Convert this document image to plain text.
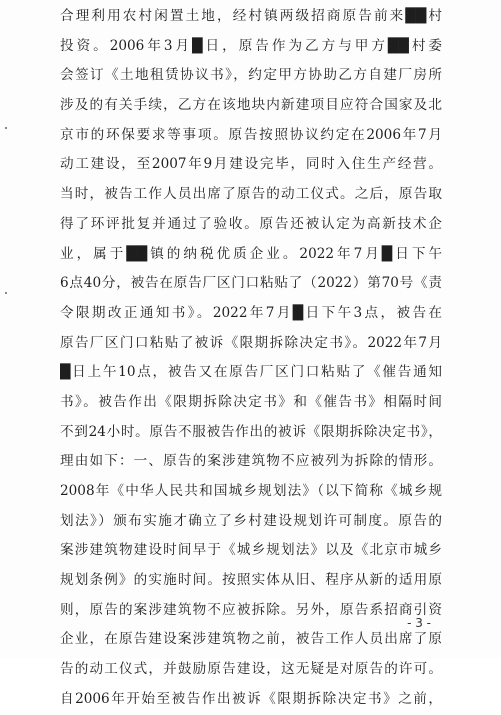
合理利用农村闲置土地，经村镇两级招商原告前来██村
投资。2006年3月█日，原告作为乙方与甲方██村委
会签订《土地租赁协议书》，约定甲方协助乙方自建厂房所
涉及的有关手续，乙方在该地块内新建项目应符合国家及北
京市的环保要求等事项。原告按照协议约定在2006年7月
动工建设，至2007年9月建设完毕，同时入住生产经营。
当时，被告工作人员出席了原告的动工仪式。之后，原告取
得了环评批复并通过了验收。原告还被认定为高新技术企
业，属于██镇的纳税优质企业。2022年7月█日下午
6点40分，被告在原告厂区门口粘贴了（2022）第70号《责
令限期改正通知书》。2022年7月█日下午3点，被告在
原告厂区门口粘贴了被诉《限期拆除决定书》。2022年7月
█日上午10点，被告又在原告厂区门口粘贴了《催告通知
书》。被告作出《限期拆除决定书》和《催告书》相隔时间
不到24小时。原告不服被告作出的被诉《限期拆除决定书》，
理由如下：一、原告的案涉建筑物不应被列为拆除的情形。
2008年《中华人民共和国城乡规划法》（以下简称《城乡规
划法》）颁布实施才确立了乡村建设规划许可制度。原告的
案涉建筑物建设时间早于《城乡规划法》以及《北京市城乡
规划条例》的实施时间。按照实体从旧、程序从新的适用原
则，原告的案涉建筑物不应被拆除。另外，原告系招商引资
企业，在原告建设案涉建筑物之前，被告工作人员出席了原
告的动工仪式，并鼓励原告建设，这无疑是对原告的许可。
自2006年开始至被告作出被诉《限期拆除决定书》之前，
- 3 -
